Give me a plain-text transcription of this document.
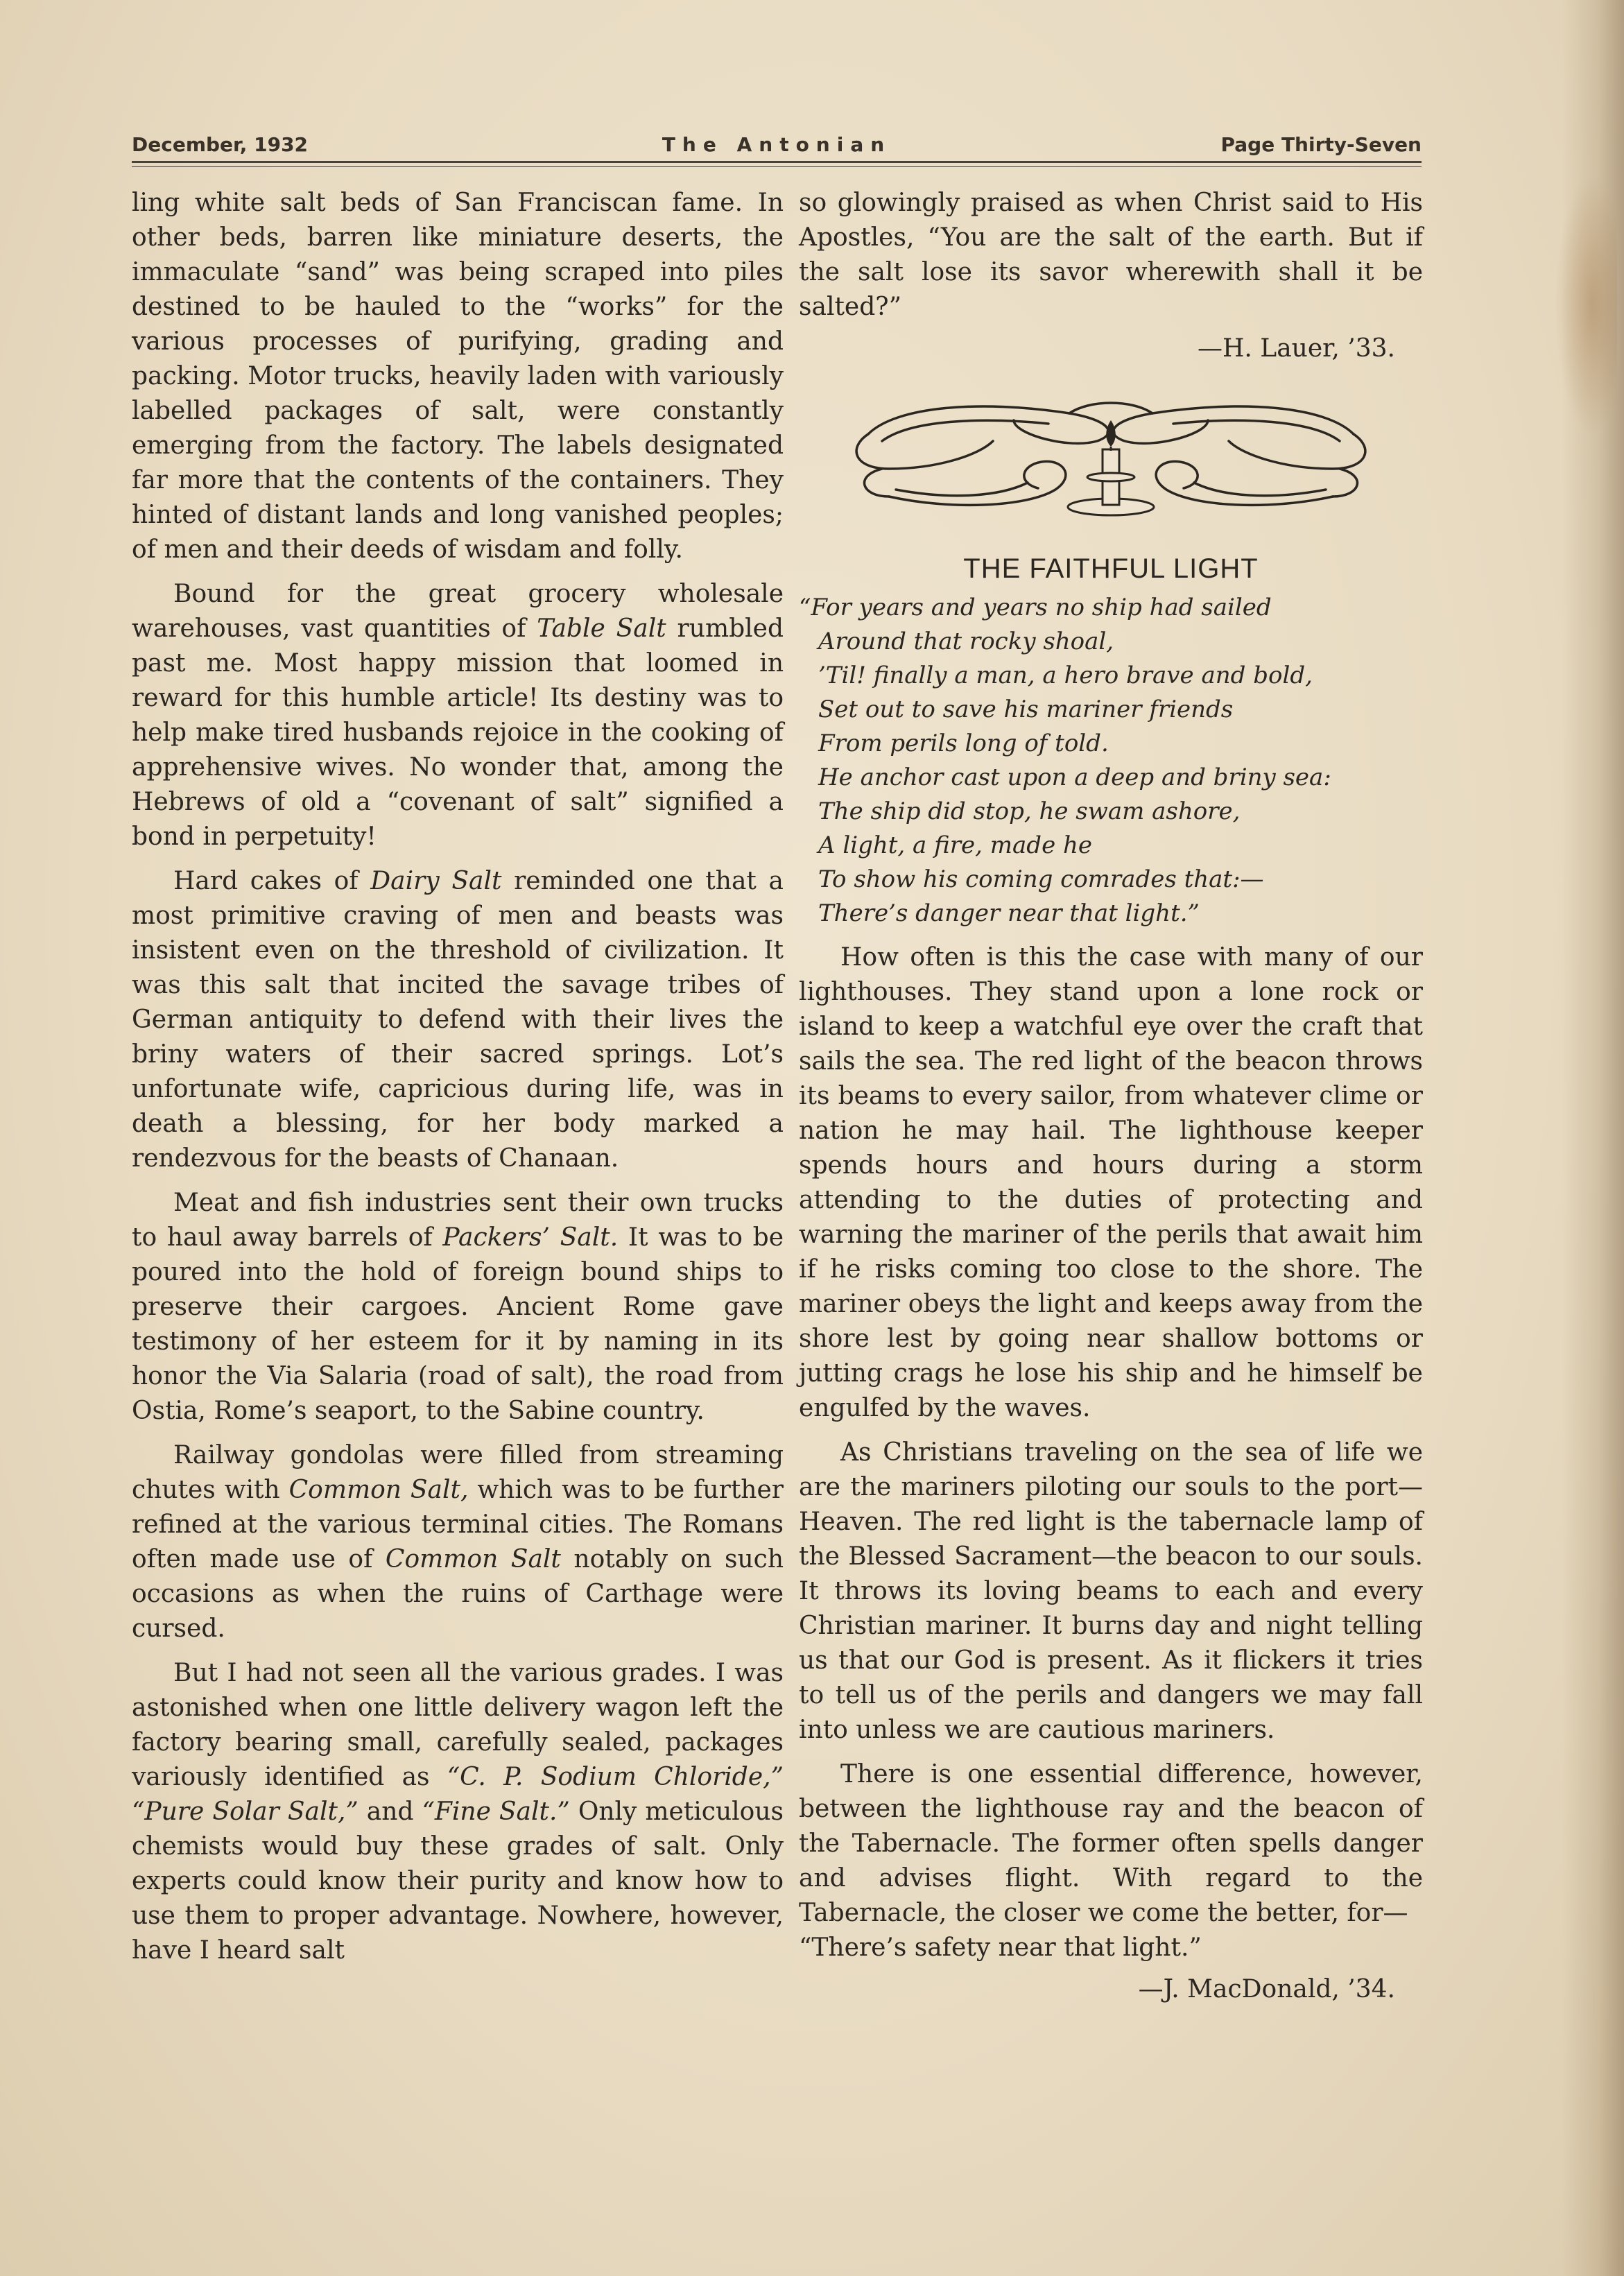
December, 1932	The Antonian	Page Thirty-Seven

ling white salt beds of San Franciscan fame. In other beds, barren like miniature deserts, the immaculate “sand” was being scraped into piles destined to be hauled to the “works” for the various processes of purifying, grading and packing. Motor trucks, heavily laden with variously labelled packages of salt, were constantly emerging from the factory. The labels designated far more that the contents of the containers. They hinted of distant lands and long vanished peoples; of men and their deeds of wisdam and folly.

Bound for the great grocery wholesale warehouses, vast quantities of Table Salt rumbled past me. Most happy mission that loomed in reward for this humble article! Its destiny was to help make tired husbands rejoice in the cooking of apprehensive wives. No wonder that, among the Hebrews of old a “covenant of salt” signified a bond in perpetuity!

Hard cakes of Dairy Salt reminded one that a most primitive craving of men and beasts was insistent even on the threshold of civilization. It was this salt that incited the savage tribes of German antiquity to defend with their lives the briny waters of their sacred springs. Lot’s unfortunate wife, capricious during life, was in death a blessing, for her body marked a rendezvous for the beasts of Chanaan.

Meat and fish industries sent their own trucks to haul away barrels of Packers’ Salt. It was to be poured into the hold of foreign bound ships to preserve their cargoes. Ancient Rome gave testimony of her esteem for it by naming in its honor the Via Salaria (road of salt), the road from Ostia, Rome’s seaport, to the Sabine country.

Railway gondolas were filled from streaming chutes with Common Salt, which was to be further refined at the various terminal cities. The Romans often made use of Common Salt notably on such occasions as when the ruins of Carthage were cursed.

But I had not seen all the various grades. I was astonished when one little delivery wagon left the factory bearing small, carefully sealed, packages variously identified as “C. P. Sodium Chloride,” “Pure Solar Salt,” and “Fine Salt.” Only meticulous chemists would buy these grades of salt. Only experts could know their purity and know how to use them to proper advantage. Nowhere, however, have I heard salt

so glowingly praised as when Christ said to His Apostles, “You are the salt of the earth. But if the salt lose its savor wherewith shall it be salted?”

—H. Lauer, ’33.

THE FAITHFUL LIGHT
“For years and years no ship had sailed
Around that rocky shoal,
’Til! finally a man, a hero brave and bold,
Set out to save his mariner friends
From perils long of told.
He anchor cast upon a deep and briny sea:
The ship did stop, he swam ashore,
A light, a fire, made he
To show his coming comrades that:—
There’s danger near that light.”

How often is this the case with many of our lighthouses. They stand upon a lone rock or island to keep a watchful eye over the craft that sails the sea. The red light of the beacon throws its beams to every sailor, from whatever clime or nation he may hail. The lighthouse keeper spends hours and hours during a storm attending to the duties of protecting and warning the mariner of the perils that await him if he risks coming too close to the shore. The mariner obeys the light and keeps away from the shore lest by going near shallow bottoms or jutting crags he lose his ship and he himself be engulfed by the waves.

As Christians traveling on the sea of life we are the mariners piloting our souls to the port—Heaven. The red light is the tabernacle lamp of the Blessed Sacrament—the beacon to our souls. It throws its loving beams to each and every Christian mariner. It burns day and night telling us that our God is present. As it flickers it tries to tell us of the perils and dangers we may fall into unless we are cautious mariners.

There is one essential difference, however, between the lighthouse ray and the beacon of the Tabernacle. The former often spells danger and advises flight. With regard to the Tabernacle, the closer we come the better, for—

“There’s safety near that light.”

—J. MacDonald, ’34.
